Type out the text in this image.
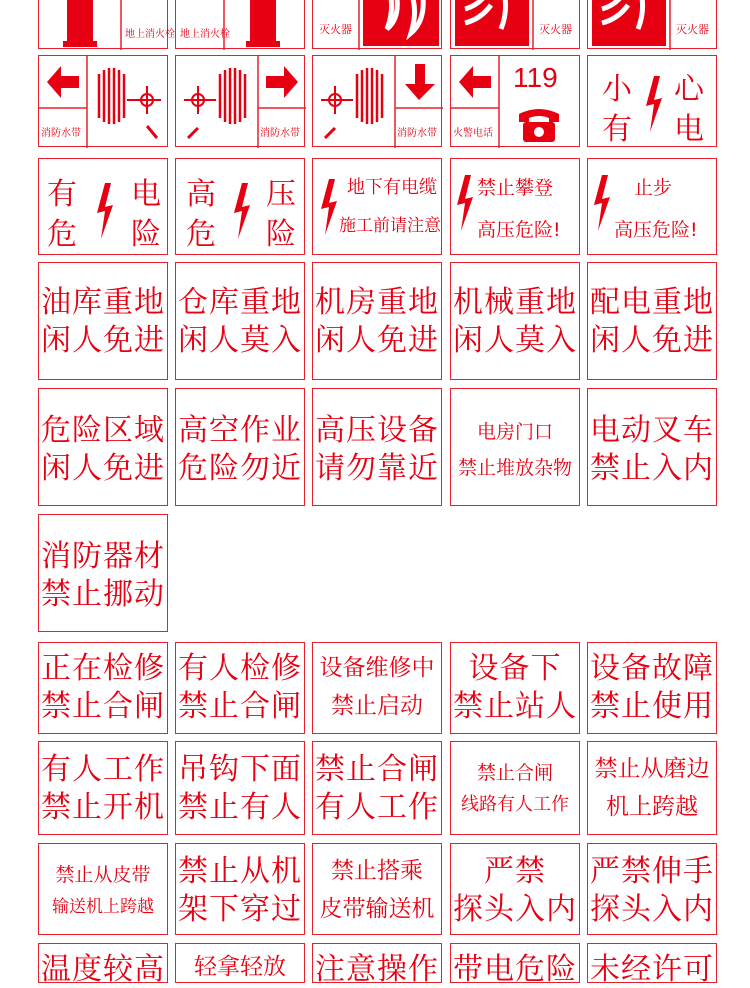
地上消火栓 地上消火栓	灭火器	灭火器	灭火器
消防水带	消防水带	消防水带
119
火警电话
小 心
有 电
有 电
危 险
高 压
危 险
地下有电缆
施工前请注意
禁止攀登
高压危险!
止步
高压危险!
油库重地
闲人免进
仓库重地
闲人莫入
机房重地
闲人免进
机械重地
闲人莫入
配电重地
闲人免进
危险区域
闲人免进
高空作业
危险勿近
高压设备
请勿靠近
电房门口
禁止堆放杂物
电动叉车
禁止入内
消防器材
禁止挪动
正在检修
禁止合闸
有人检修
禁止合闸
设备维修中
禁止启动
设备下
禁止站人
设备故障
禁止使用
有人工作
禁止开机
吊钩下面
禁止有人
禁止合闸
有人工作
禁止合闸
线路有人工作
禁止从磨边
机上跨越
禁止从皮带
输送机上跨越
禁止从机
架下穿过
禁止搭乘
皮带输送机
严禁
探头入内
严禁伸手
探头入内
温度较高	轻拿轻放 注意操作 带电危险 未经许可
